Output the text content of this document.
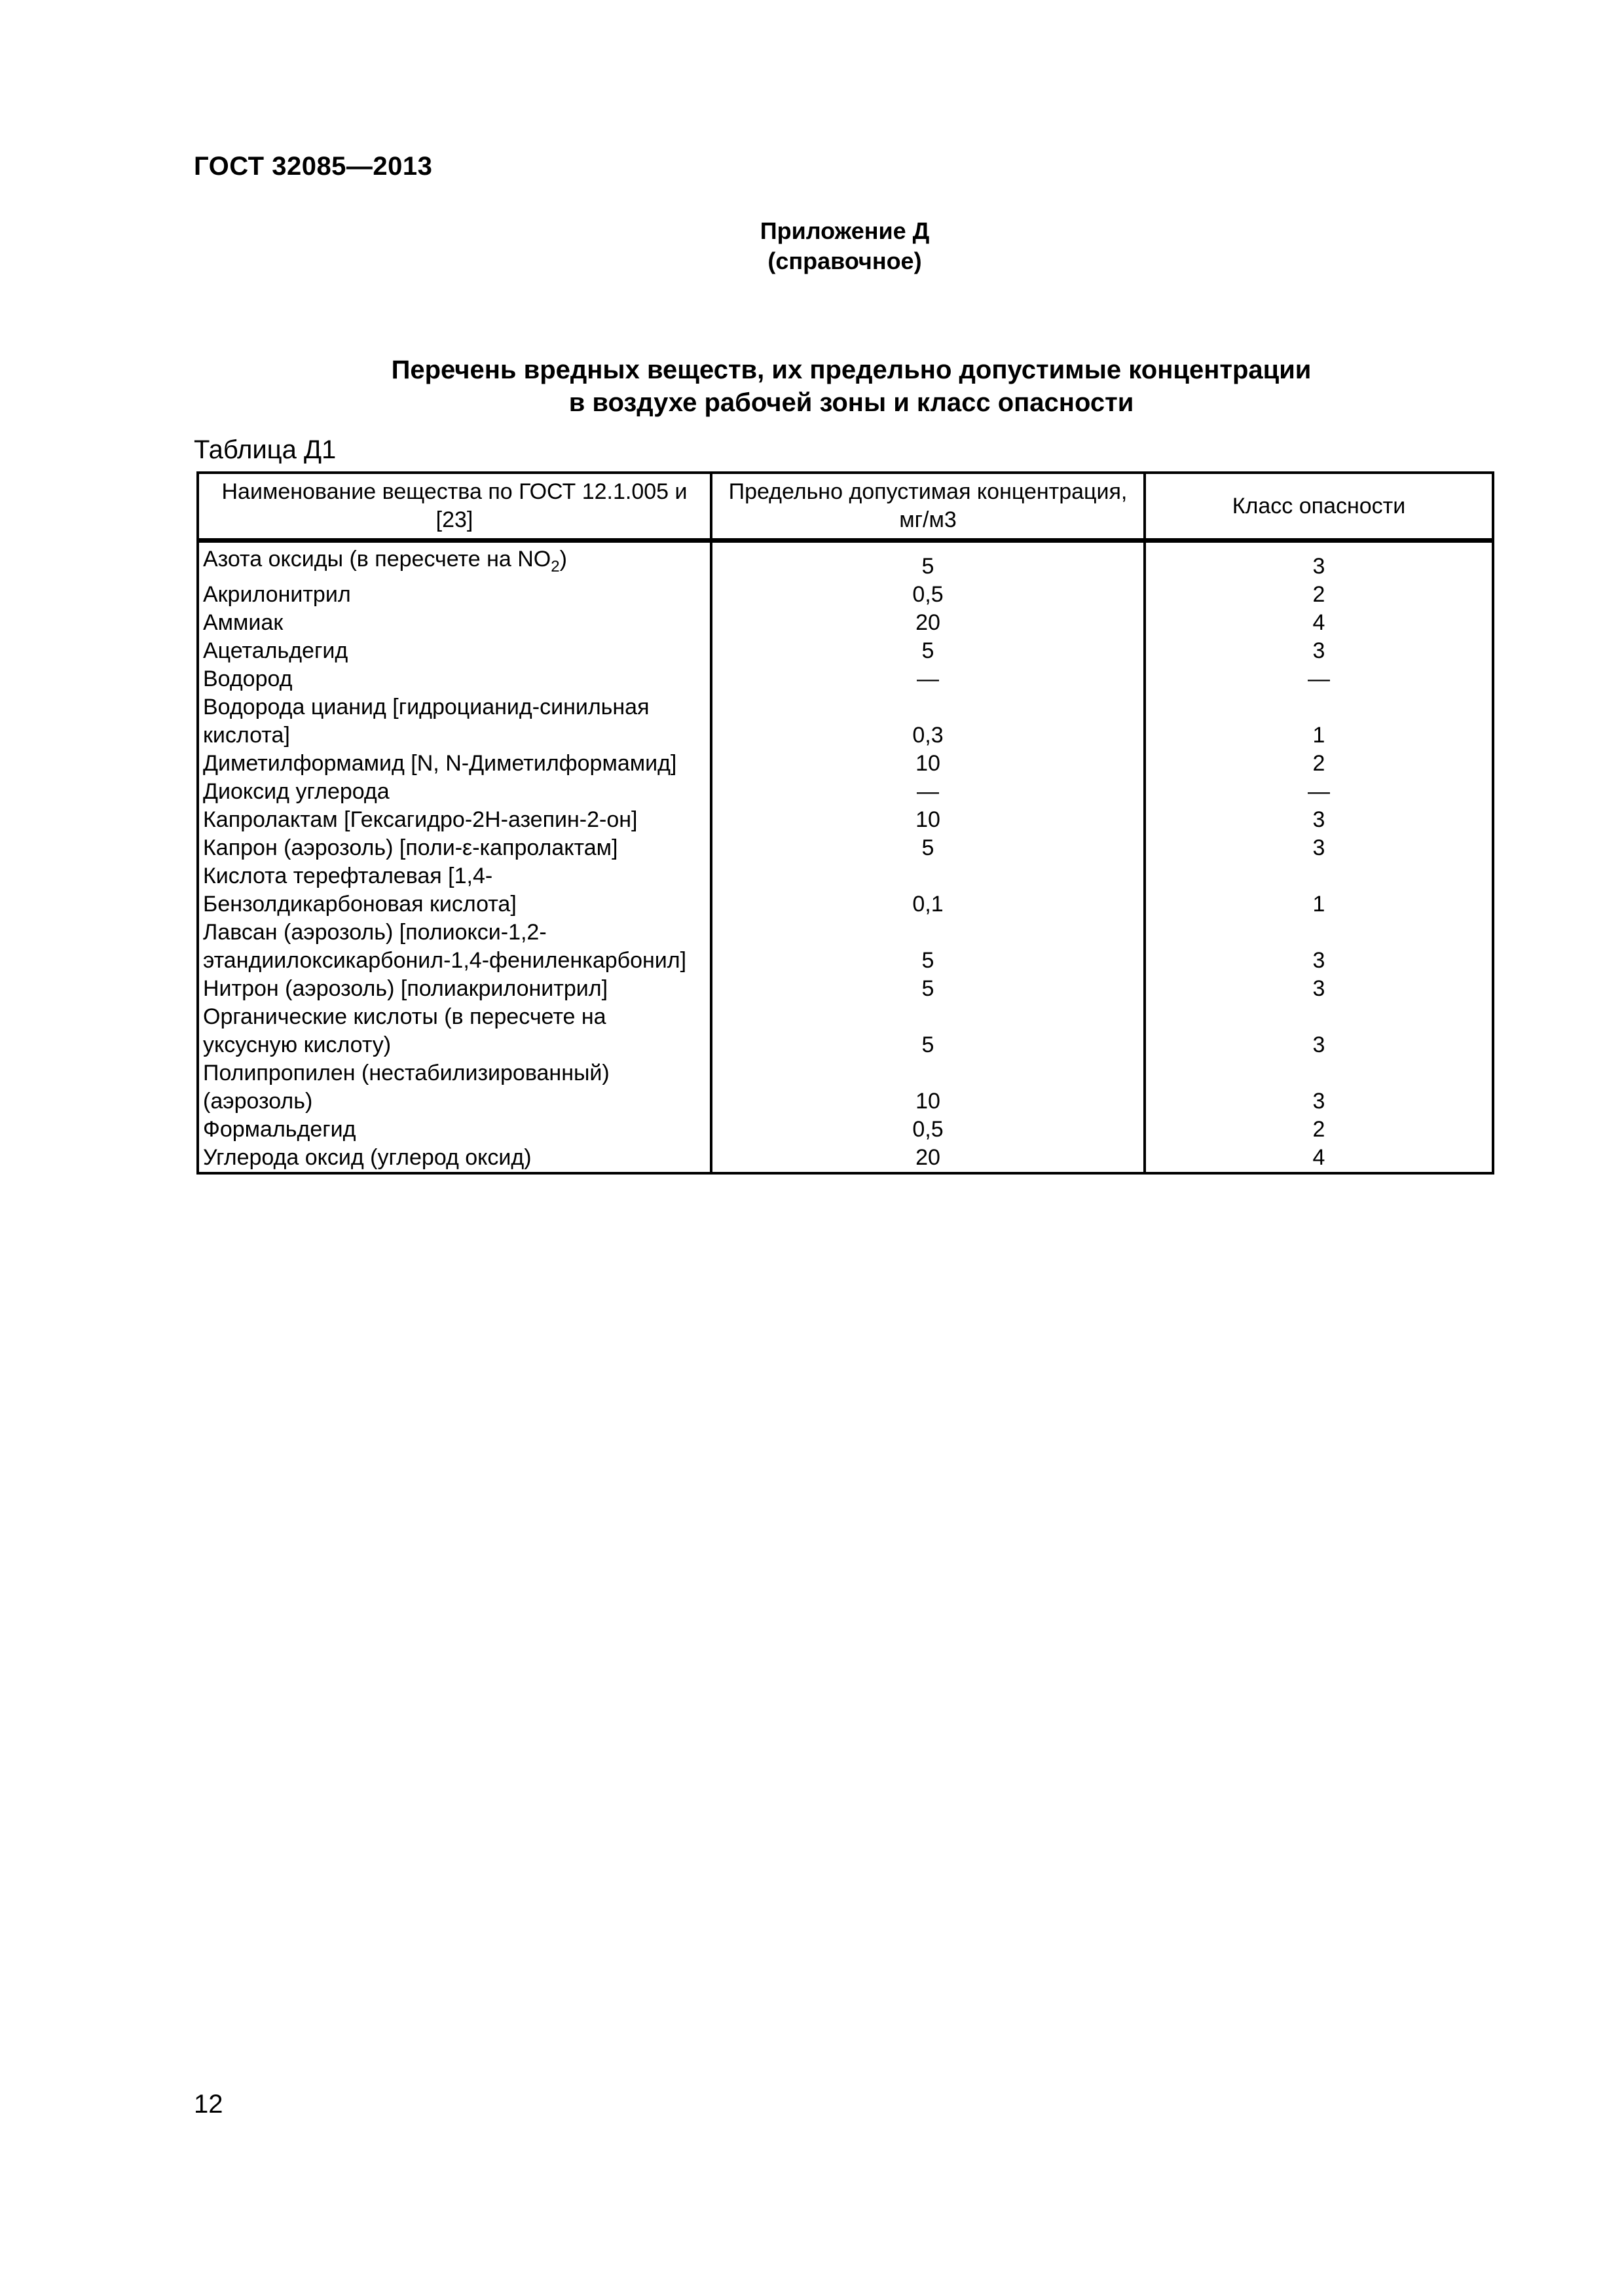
ГОСТ 32085—2013
Приложение Д
(справочное)
Перечень вредных веществ, их предельно допустимые концентрации
в воздухе рабочей зоны и класс опасности
Таблица Д1
Наименование вещества по ГОСТ 12.1.005 и [23]	Предельно допустимая концентрация, мг/м3	Класс опасности
Азота оксиды (в пересчете на $NO_2$)	5	3
Акрилонитрил	0,5	2
Аммиак	20	4
Ацетальдегид	5	3
Водород	—	—
Водорода цианид [гидроцианид-синильная кислота]	0,3	1
Диметилформамид [N, N-Диметилформамид]	10	2
Диоксид углерода	—	—
Капролактам [Гексагидро-2Н-азепин-2-он]	10	3
Капрон (аэрозоль) [поли-ε-капролактам]	5	3
Кислота терефталевая [1,4-Бензолдикарбоновая кислота]	0,1	1
Лавсан (аэрозоль) [полиокси-1,2-этандиилоксикарбонил-1,4-фениленкарбонил]	5	3
Нитрон (аэрозоль) [полиакрилонитрил]	5	3
Органические кислоты (в пересчете на уксусную кислоту)	5	3
Полипропилен (нестабилизированный) (аэрозоль)	10	3
Формальдегид	0,5	2
Углерода оксид (углерод оксид)	20	4
12
